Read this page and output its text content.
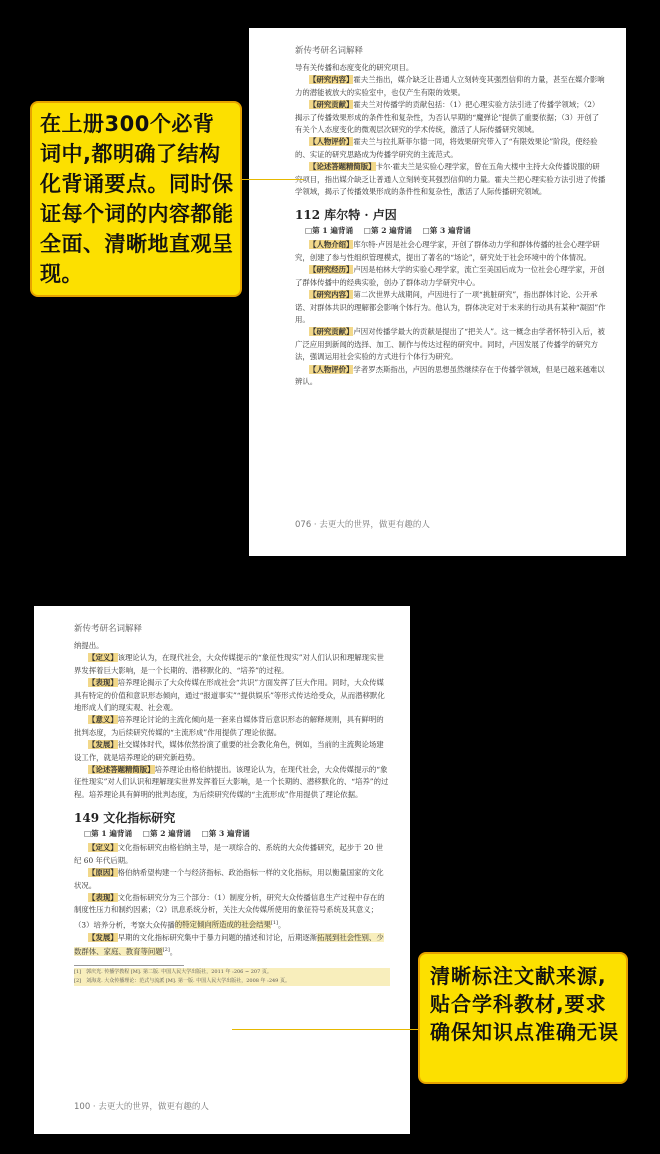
新传考研名词解释

导有关传播和态度变化的研究项目。

【研究内容】霍夫兰指出，媒介缺乏让普通人立刻转变其强烈信仰的力量，甚至在媒介影响力的潜能被放大的实验室中，也仅产生有限的效果。

【研究贡献】霍夫兰对传播学的贡献包括：（1）把心理实验方法引进了传播学领域；（2）揭示了传播效果形成的条件性和复杂性，为否认早期的“魔弹论”提供了重要依据；（3）开创了有关个人态度变化的微观层次研究的学术传统，激活了人际传播研究领域。

【人物评价】霍夫兰与拉扎斯菲尔德一同，将效果研究带入了“有限效果论”阶段，使经验的、实证的研究思路成为传播学研究的主流范式。

【论述答题精简版】卡尔·霍夫兰是实验心理学家，曾在五角大楼中主持大众传播说服的研究项目，指出媒介缺乏让普通人立刻转变其强烈信仰的力量。霍夫兰把心理实验方法引进了传播学领域，揭示了传播效果形成的条件性和复杂性，激活了人际传播研究领域。

112 库尔特 · 卢因
□第 1 遍背诵 □第 2 遍背诵 □第 3 遍背诵

【人物介绍】库尔特·卢因是社会心理学家，开创了群体动力学和群体传播的社会心理学研究，创建了参与性组织管理模式，提出了著名的“场论”，研究处于社会环境中的个体情况。

【研究经历】卢因是柏林大学的实验心理学家，流亡至美国后成为一位社会心理学家，开创了群体传播中的经典实验，创办了群体动力学研究中心。

【研究内容】第二次世界大战期间，卢因进行了一项“挑脏研究”，指出群体讨论、公开承诺、对群体共识的理解都会影响个体行为。他认为，群体决定对于未来的行动具有某种“凝固”作用。

【研究贡献】卢因对传播学最大的贡献是提出了“把关人”。这一概念由学者怀特引入后，被广泛应用到新闻的选择、加工、制作与传达过程的研究中。同时，卢因发展了传播学的研究方法，强调运用社会实验的方式进行个体行为研究。

【人物评价】学者罗杰斯指出，卢因的思想虽然继续存在于传播学领域，但是已越来越难以辨认。

076 · 去更大的世界，做更有趣的人
新传考研名词解释

纳提出。

【定义】该理论认为，在现代社会，大众传媒提示的“象征性现实”对人们认识和理解现实世界发挥着巨大影响，是一个长期的、潜移默化的、“培养”的过程。

【表现】培养理论揭示了大众传媒在形成社会“共识”方面发挥了巨大作用。同时，大众传媒具有特定的价值和意识形态倾向，通过“报道事实”“提供娱乐”等形式传达给受众，从而潜移默化地形成人们的现实观、社会观。

【意义】培养理论讨论的主流化倾向是一套来自媒体背后意识形态的解释规则，具有鲜明的批判态度，为后续研究传媒的“主流形成”作用提供了理论依据。

【发展】社交媒体时代，媒体依然扮演了重要的社会教化角色，例如，当前的主流舆论场建设工作，就是培养理论的研究新趋势。

【论述答题精简版】培养理论由格伯纳提出。该理论认为，在现代社会，大众传媒提示的“象征性现实”对人们认识和理解现实世界发挥着巨大影响，是一个长期的、潜移默化的、“培养”的过程。培养理论具有鲜明的批判态度，为后续研究传媒的“主流形成”作用提供了理论依据。

149 文化指标研究
□第 1 遍背诵 □第 2 遍背诵 □第 3 遍背诵

【定义】文化指标研究由格伯纳主导，是一项综合的、系统的大众传播研究，起步于 20 世纪 60 年代后期。

【原因】格伯纳希望构建一个与经济指标、政治指标一样的文化指标，用以衡量国家的文化状况。

【表现】文化指标研究分为三个部分：（1）制度分析，研究大众传播信息生产过程中存在的制度性压力和制约因素；（2）讯息系统分析，关注大众传媒所使用的象征符号系统及其意义；（3）培养分析，考察大众传播的特定倾向所造成的社会结果[1]。

【发展】早期的文化指标研究集中于暴力问题的描述和讨论，后期逐渐拓展到社会性别、少数群体、家庭、教育等问题[2]。

[1]　郭庆光. 传播学教程 [M]. 第二版. 中国人民大学出版社，2011 年 :206 ~ 207 页。

[2]　刘海龙. 大众传播理论：范式与流派 [M]. 第一版. 中国人民大学出版社，2008 年 :249 页。

100 · 去更大的世界，做更有趣的人
在上册300个必背词中,都明确了结构化背诵要点。同时保证每个词的内容都能全面、清晰地直观呈现。
清晰标注文献来源,贴合学科教材,要求确保知识点准确无误
